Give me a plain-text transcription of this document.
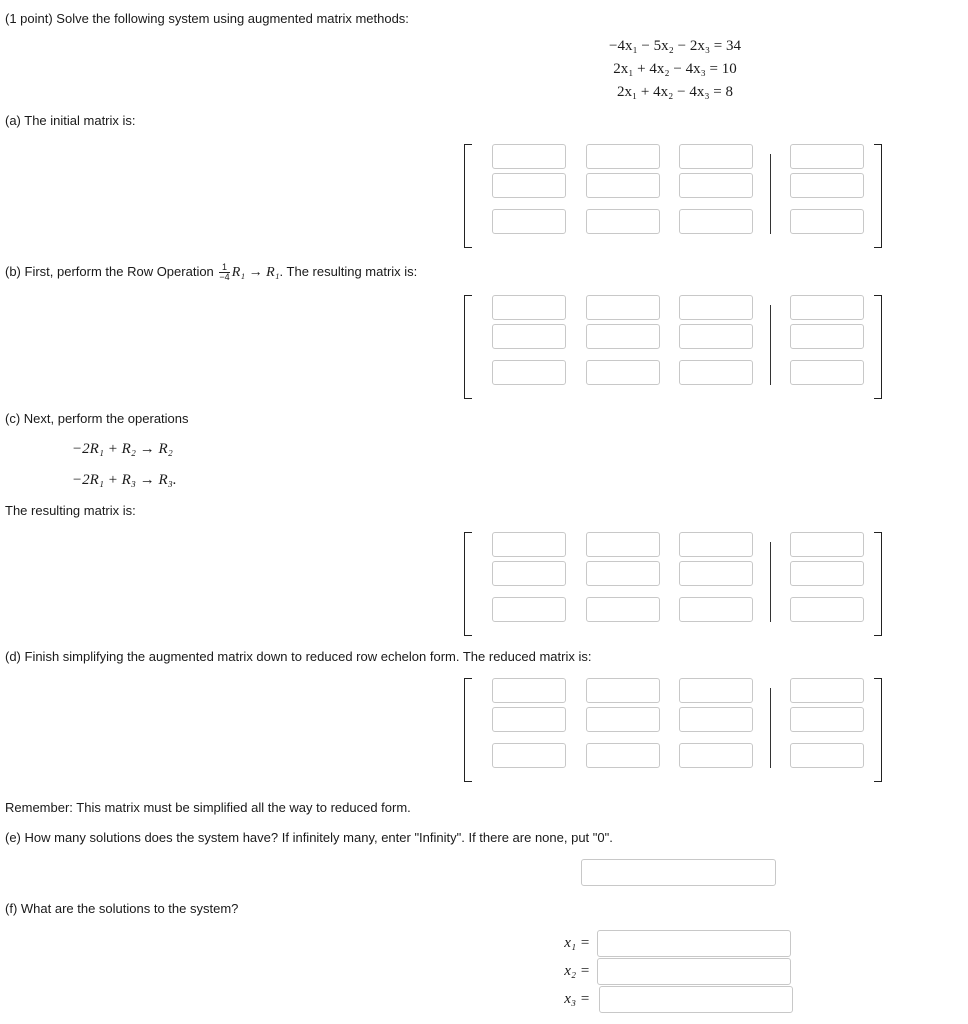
(1 point) Solve the following system using augmented matrix methods:
−4x₁ − 5x₂ − 2x₃ = 34
2x₁ + 4x₂ − 4x₃ = 10
2x₁ + 4x₂ − 4x₃ = 8
(a) The initial matrix is:
(b) First, perform the Row Operation $\frac{1}{-4} R_1 \to R_1$. The resulting matrix is:
(c) Next, perform the operations
−2R₁ + R₂ → R₂
−2R₁ + R₃ → R₃.
The resulting matrix is:
(d) Finish simplifying the augmented matrix down to reduced row echelon form. The reduced matrix is:
Remember: This matrix must be simplified all the way to reduced form.
(e) How many solutions does the system have? If infinitely many, enter "Infinity". If there are none, put "0".
(f) What are the solutions to the system?
x₁ =
x₂ =
x₃ =
